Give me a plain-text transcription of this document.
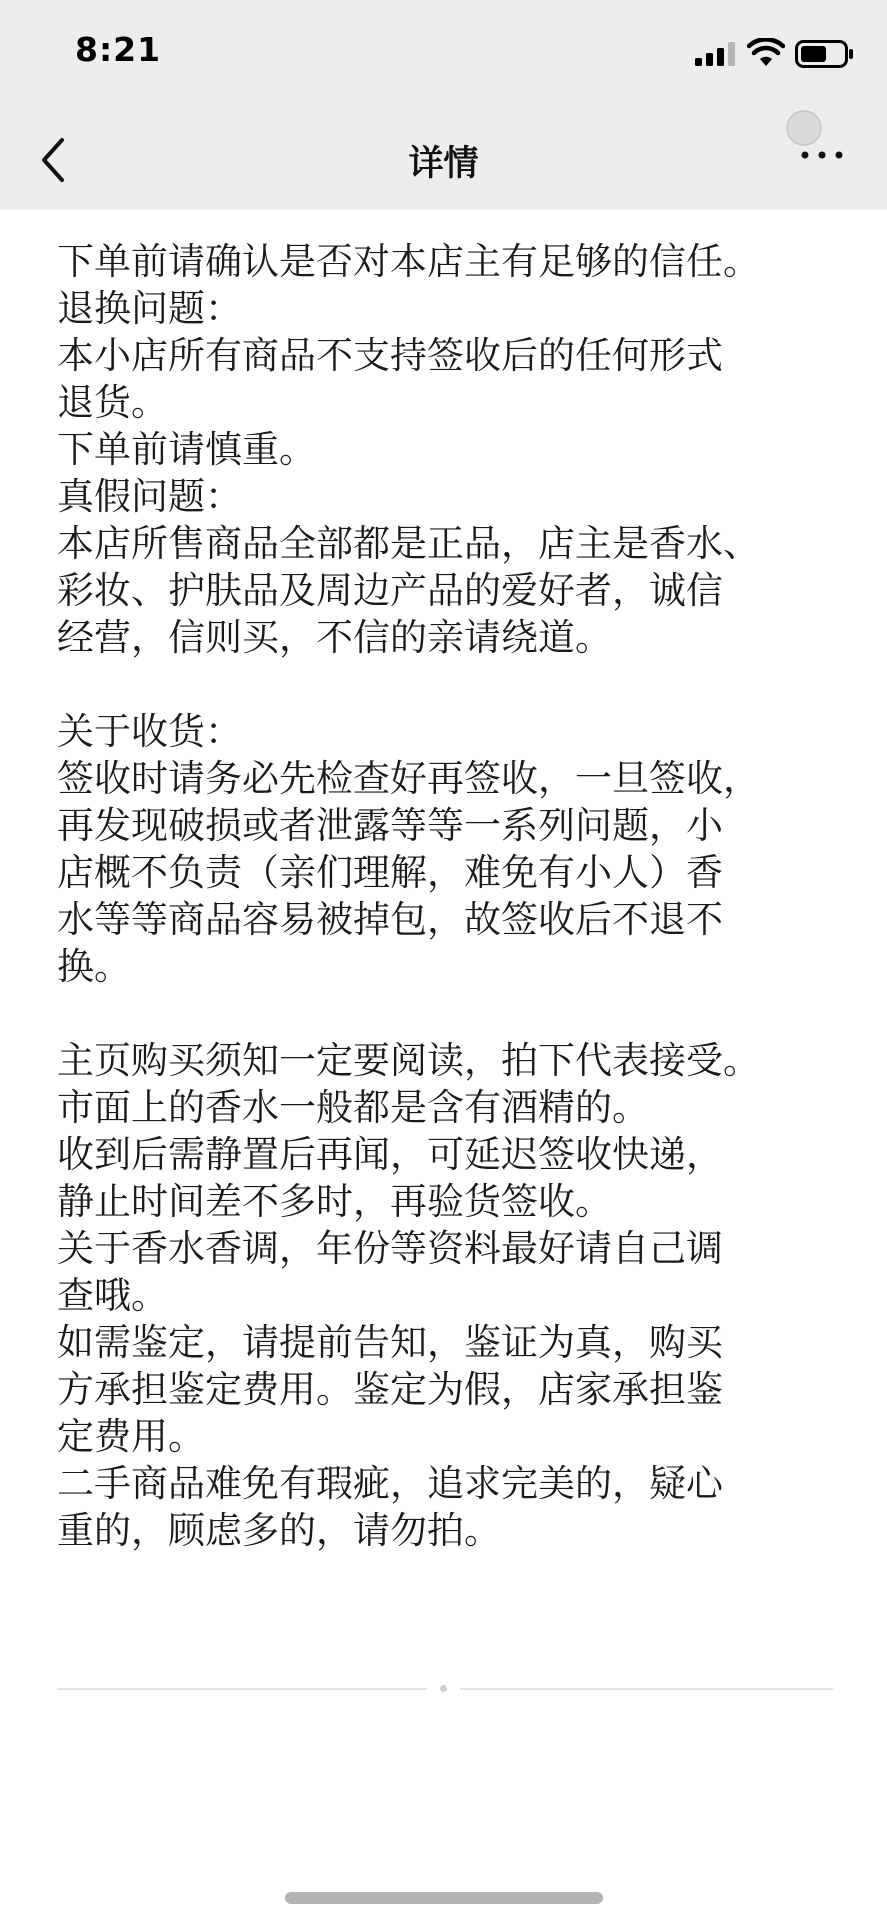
8:21
详情
下单前请确认是否对本店主有足够的信任。
退换问题：
本小店所有商品不支持签收后的任何形式
退货。
下单前请慎重。
真假问题：
本店所售商品全部都是正品，店主是香水、
彩妆、护肤品及周边产品的爱好者，诚信
经营，信则买，不信的亲请绕道。
关于收货：
签收时请务必先检查好再签收，一旦签收，
再发现破损或者泄露等等一系列问题，小
店概不负责（亲们理解，难免有小人）香
水等等商品容易被掉包，故签收后不退不
换。
主页购买须知一定要阅读，拍下代表接受。
市面上的香水一般都是含有酒精的。
收到后需静置后再闻，可延迟签收快递，
静止时间差不多时，再验货签收。
关于香水香调，年份等资料最好请自己调
查哦。
如需鉴定，请提前告知，鉴证为真，购买
方承担鉴定费用。鉴定为假，店家承担鉴
定费用。
二手商品难免有瑕疵，追求完美的，疑心
重的，顾虑多的，请勿拍。
